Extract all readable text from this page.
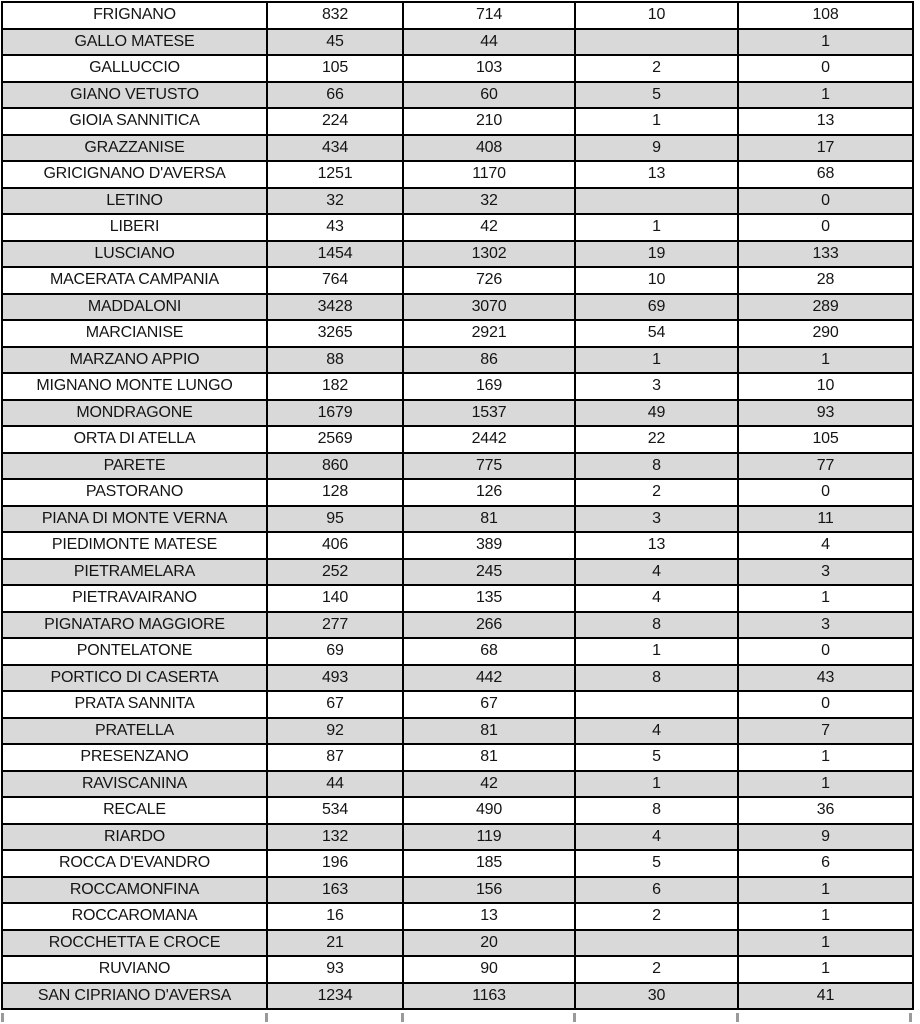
FRIGNANO	832	714	10	108
GALLO MATESE	45	44		1
GALLUCCIO	105	103	2	0
GIANO VETUSTO	66	60	5	1
GIOIA SANNITICA	224	210	1	13
GRAZZANISE	434	408	9	17
GRICIGNANO D'AVERSA	1251	1170	13	68
LETINO	32	32		0
LIBERI	43	42	1	0
LUSCIANO	1454	1302	19	133
MACERATA CAMPANIA	764	726	10	28
MADDALONI	3428	3070	69	289
MARCIANISE	3265	2921	54	290
MARZANO APPIO	88	86	1	1
MIGNANO MONTE LUNGO	182	169	3	10
MONDRAGONE	1679	1537	49	93
ORTA DI ATELLA	2569	2442	22	105
PARETE	860	775	8	77
PASTORANO	128	126	2	0
PIANA DI MONTE VERNA	95	81	3	11
PIEDIMONTE MATESE	406	389	13	4
PIETRAMELARA	252	245	4	3
PIETRAVAIRANO	140	135	4	1
PIGNATARO MAGGIORE	277	266	8	3
PONTELATONE	69	68	1	0
PORTICO DI CASERTA	493	442	8	43
PRATA SANNITA	67	67		0
PRATELLA	92	81	4	7
PRESENZANO	87	81	5	1
RAVISCANINA	44	42	1	1
RECALE	534	490	8	36
RIARDO	132	119	4	9
ROCCA D'EVANDRO	196	185	5	6
ROCCAMONFINA	163	156	6	1
ROCCAROMANA	16	13	2	1
ROCCHETTA E CROCE	21	20		1
RUVIANO	93	90	2	1
SAN CIPRIANO D'AVERSA	1234	1163	30	41
